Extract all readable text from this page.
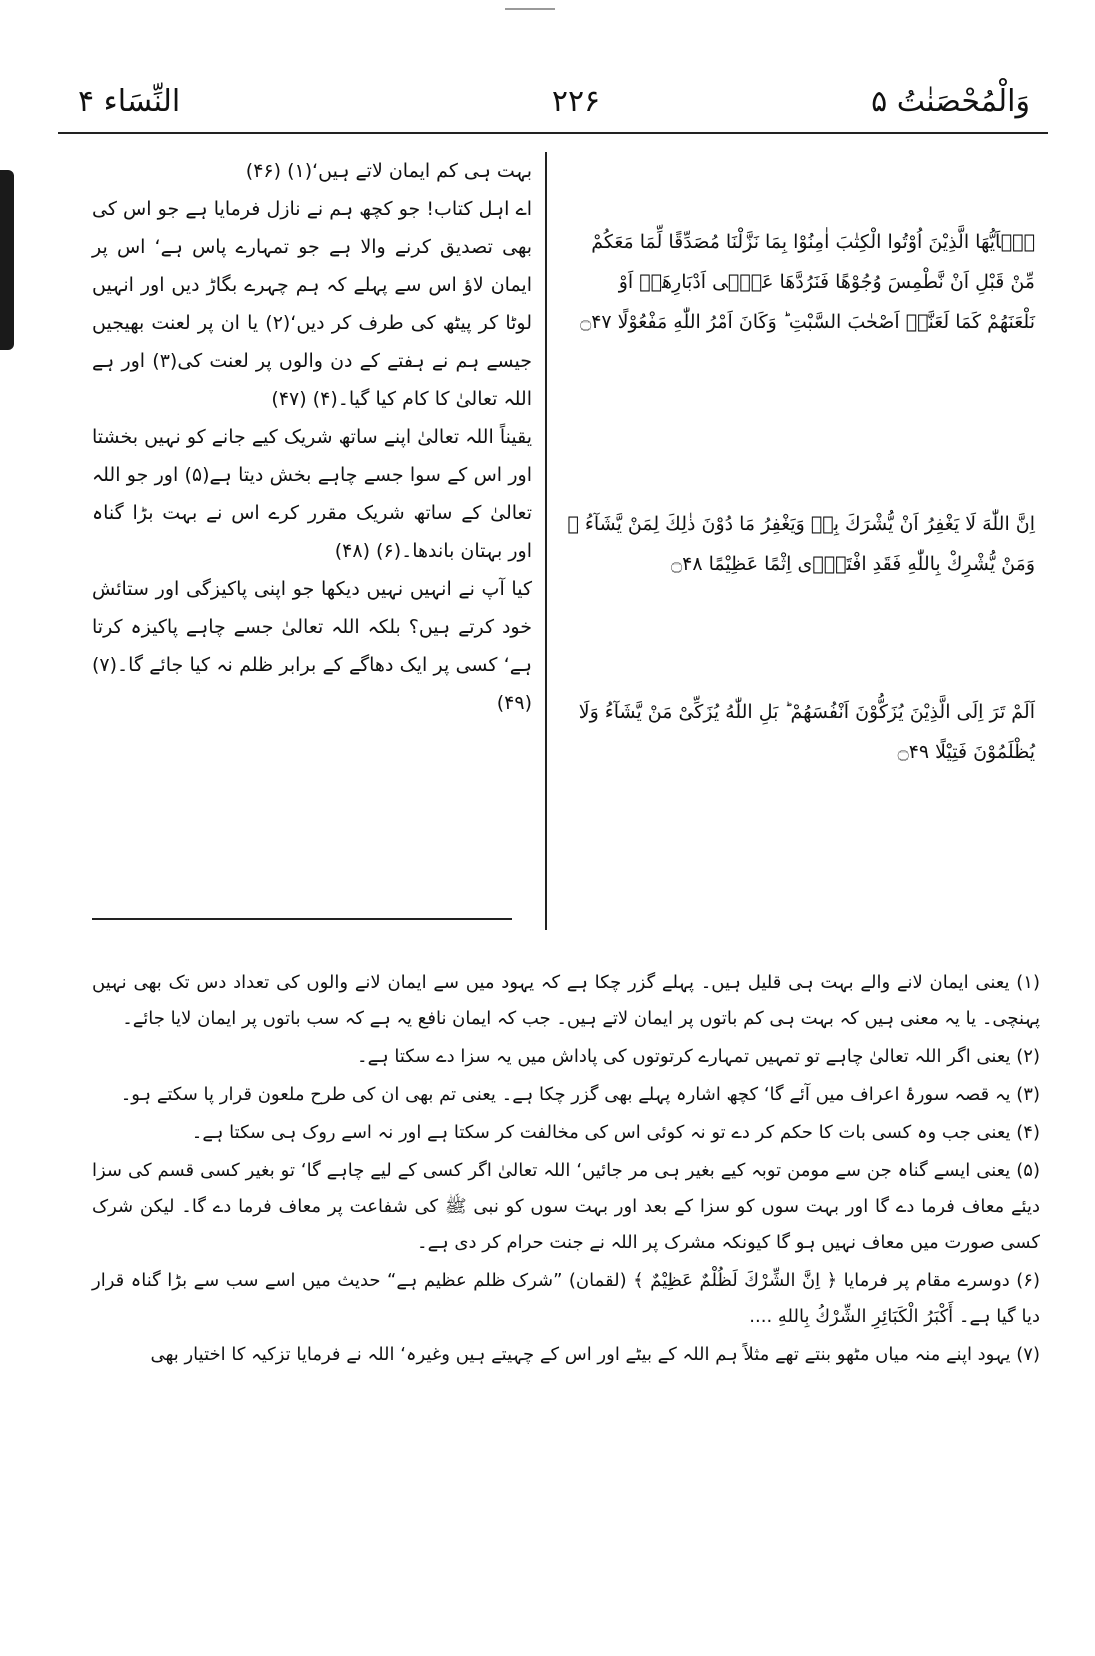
النِّسَاء ۴	۲۲۶	وَالْمُحْصَنٰتُ ۵

بہت ہی کم ایمان لاتے ہیں‘(۱) (۴۶)

اے اہل کتاب! جو کچھ ہم نے نازل فرمایا ہے جو اس کی بھی تصدیق کرنے والا ہے جو تمہارے پاس ہے‘ اس پر ایمان لاؤ اس سے پہلے کہ ہم چہرے بگاڑ دیں اور انہیں لوٹا کر پیٹھ کی طرف کر دیں‘(۲) یا ان پر لعنت بھیجیں جیسے ہم نے ہفتے کے دن والوں پر لعنت کی(۳) اور ہے اللہ تعالیٰ کا کام کیا گیا۔(۴) (۴۷)

یقیناً اللہ تعالیٰ اپنے ساتھ شریک کیے جانے کو نہیں بخشتا اور اس کے سوا جسے چاہے بخش دیتا ہے(۵) اور جو اللہ تعالیٰ کے ساتھ شریک مقرر کرے اس نے بہت بڑا گناہ اور بہتان باندھا۔(۶) (۴۸)

کیا آپ نے انہیں نہیں دیکھا جو اپنی پاکیزگی اور ستائش خود کرتے ہیں؟ بلکہ اللہ تعالیٰ جسے چاہے پاکیزہ کرتا ہے‘ کسی پر ایک دھاگے کے برابر ظلم نہ کیا جائے گا۔(۷) (۴۹)

يٰۤاَيُّهَا الَّذِيْنَ اُوْتُوا الْكِتٰبَ اٰمِنُوْا بِمَا نَزَّلْنَا مُصَدِّقًا لِّمَا مَعَكُمْ مِّنْ قَبْلِ اَنْ نَّطْمِسَ وُجُوْهًا فَنَرُدَّهَا عَلٰۤى اَدْبَارِهَاۤ اَوْ نَلْعَنَهُمْ كَمَا لَعَنَّاۤ اَصْحٰبَ السَّبْتِ ؕ وَكَانَ اَمْرُ اللّٰهِ مَفْعُوْلًا ۝۴۷

اِنَّ اللّٰهَ لَا يَغْفِرُ اَنْ يُّشْرَكَ بِهٖ وَيَغْفِرُ مَا دُوْنَ ذٰلِكَ لِمَنْ يَّشَآءُ ۚ وَمَنْ يُّشْرِكْ بِاللّٰهِ فَقَدِ افْتَرٰۤى اِثْمًا عَظِيْمًا ۝۴۸

اَلَمْ تَرَ اِلَى الَّذِيْنَ يُزَكُّوْنَ اَنْفُسَهُمْ ؕ بَلِ اللّٰهُ يُزَكِّىْ مَنْ يَّشَآءُ وَلَا يُظْلَمُوْنَ فَتِيْلًا ۝۴۹

(۱) یعنی ایمان لانے والے بہت ہی قلیل ہیں۔ پہلے گزر چکا ہے کہ یہود میں سے ایمان لانے والوں کی تعداد دس تک بھی نہیں پہنچی۔ یا یہ معنی ہیں کہ بہت ہی کم باتوں پر ایمان لاتے ہیں۔ جب کہ ایمان نافع یہ ہے کہ سب باتوں پر ایمان لایا جائے۔

(۲) یعنی اگر اللہ تعالیٰ چاہے تو تمہیں تمہارے کرتوتوں کی پاداش میں یہ سزا دے سکتا ہے۔

(۳) یہ قصہ سورۂ اعراف میں آئے گا‘ کچھ اشارہ پہلے بھی گزر چکا ہے۔ یعنی تم بھی ان کی طرح ملعون قرار پا سکتے ہو۔

(۴) یعنی جب وہ کسی بات کا حکم کر دے تو نہ کوئی اس کی مخالفت کر سکتا ہے اور نہ اسے روک ہی سکتا ہے۔

(۵) یعنی ایسے گناہ جن سے مومن توبہ کیے بغیر ہی مر جائیں‘ اللہ تعالیٰ اگر کسی کے لیے چاہے گا‘ تو بغیر کسی قسم کی سزا دیئے معاف فرما دے گا اور بہت سوں کو سزا کے بعد اور بہت سوں کو نبی ﷺ کی شفاعت پر معاف فرما دے گا۔ لیکن شرک کسی صورت میں معاف نہیں ہو گا کیونکہ مشرک پر اللہ نے جنت حرام کر دی ہے۔

(۶) دوسرے مقام پر فرمایا ﴿ اِنَّ الشِّرْكَ لَظُلْمٌ عَظِيْمٌ ﴾ (لقمان) ”شرک ظلم عظیم ہے“ حدیث میں اسے سب سے بڑا گناہ قرار دیا گیا ہے۔ أَكْبَرُ الْكَبَائِرِ الشِّرْكُ بِاللهِ ....

(۷) یہود اپنے منہ میاں مٹھو بنتے تھے مثلاً ہم اللہ کے بیٹے اور اس کے چہیتے ہیں وغیرہ‘ اللہ نے فرمایا تزکیہ کا اختیار بھی
